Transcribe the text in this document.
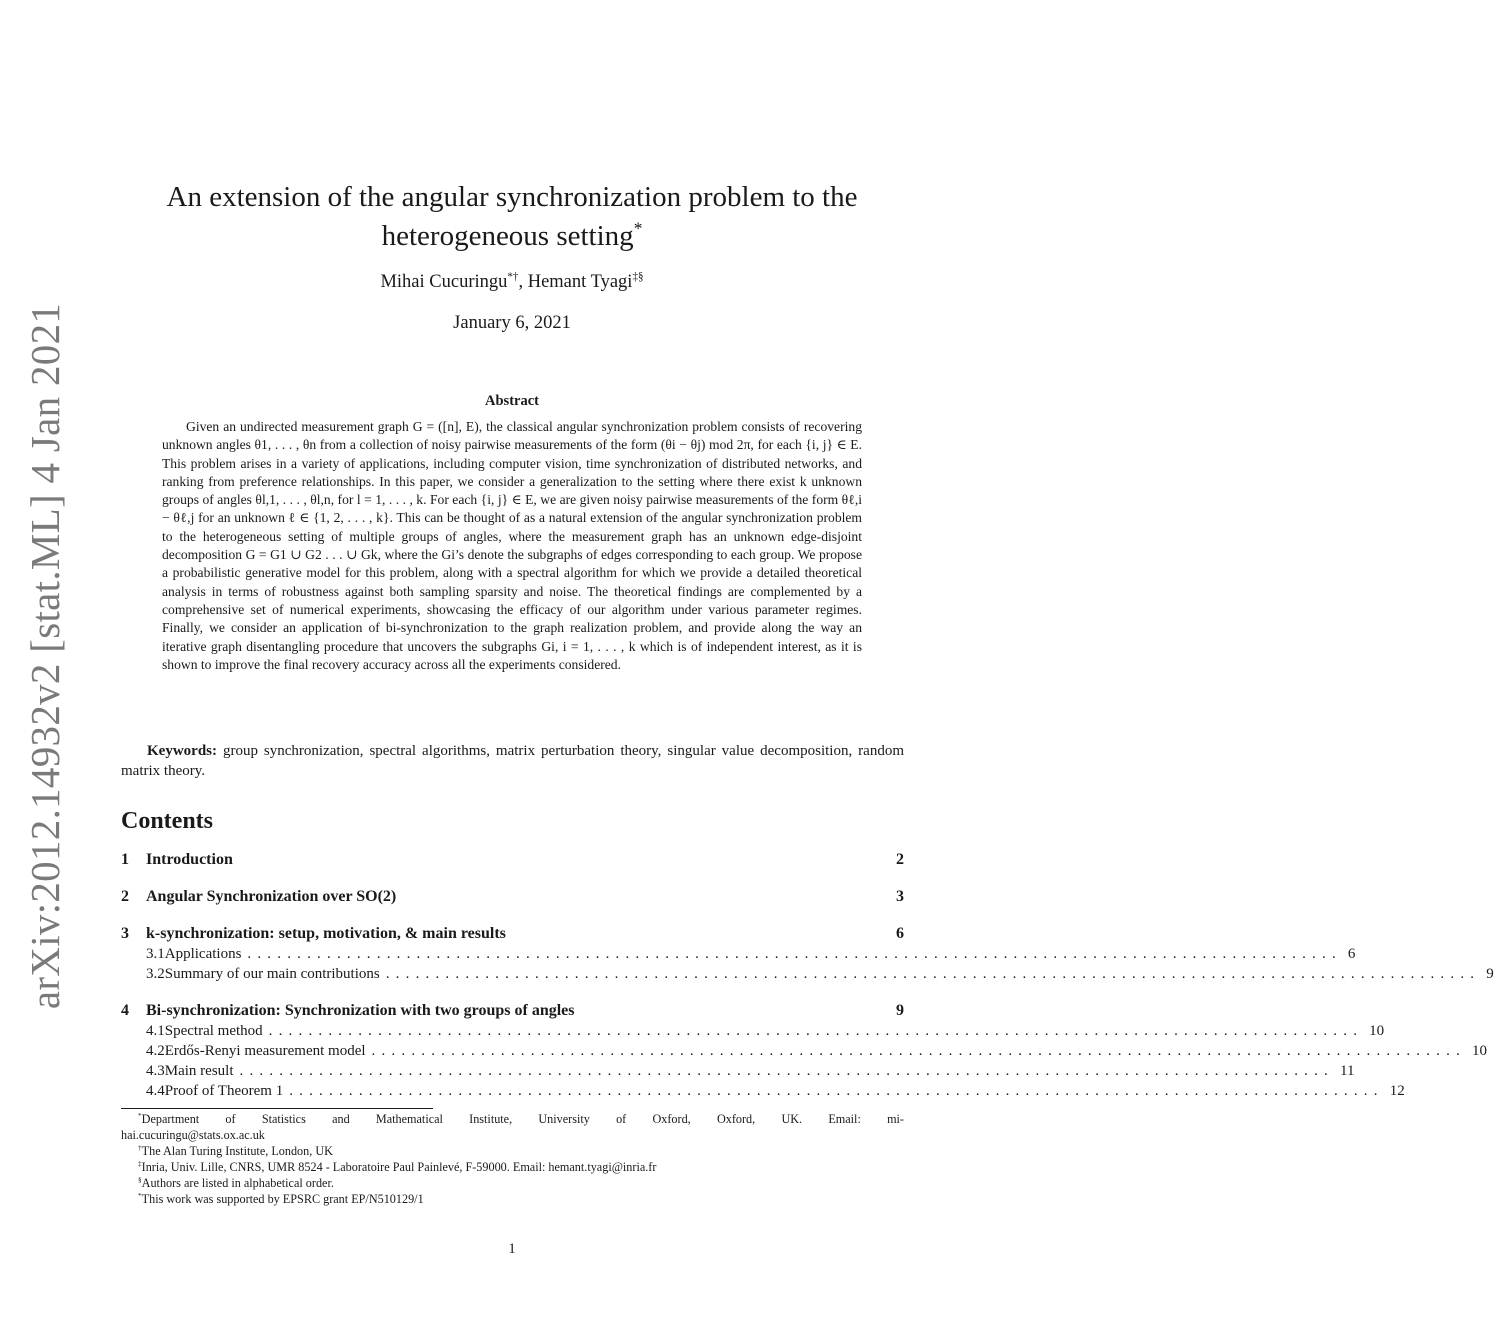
arXiv:2012.14932v2 [stat.ML] 4 Jan 2021
An extension of the angular synchronization problem to the
heterogeneous setting*
Mihai Cucuringu*†, Hemant Tyagi‡§
January 6, 2021
Abstract
Given an undirected measurement graph G = ([n], E), the classical angular synchronization problem consists of recovering unknown angles θ1, . . . , θn from a collection of noisy pairwise measurements of the form (θi − θj) mod 2π, for each {i, j} ∈ E. This problem arises in a variety of applications, including computer vision, time synchronization of distributed networks, and ranking from preference relationships. In this paper, we consider a generalization to the setting where there exist k unknown groups of angles θl,1, . . . , θl,n, for l = 1, . . . , k. For each {i, j} ∈ E, we are given noisy pairwise measurements of the form θℓ,i − θℓ,j for an unknown ℓ ∈ {1, 2, . . . , k}. This can be thought of as a natural extension of the angular synchronization problem to the heterogeneous setting of multiple groups of angles, where the measurement graph has an unknown edge-disjoint decomposition G = G1 ∪ G2 . . . ∪ Gk, where the Gi’s denote the subgraphs of edges corresponding to each group. We propose a probabilistic generative model for this problem, along with a spectral algorithm for which we provide a detailed theoretical analysis in terms of robustness against both sampling sparsity and noise. The theoretical findings are complemented by a comprehensive set of numerical experiments, showcasing the efficacy of our algorithm under various parameter regimes. Finally, we consider an application of bi-synchronization to the graph realization problem, and provide along the way an iterative graph disentangling procedure that uncovers the subgraphs Gi, i = 1, . . . , k which is of independent interest, as it is shown to improve the final recovery accuracy across all the experiments considered.
Keywords: group synchronization, spectral algorithms, matrix perturbation theory, singular value decomposition, random matrix theory.
Contents
1	Introduction	2
2	Angular Synchronization over SO(2)	3
3	k-synchronization: setup, motivation, & main results	6
3.1 Applications .............................................................................................................. 6
3.2 Summary of our main contributions .............................................................................................................. 9
4	Bi-synchronization: Synchronization with two groups of angles	9
4.1 Spectral method .............................................................................................................. 10
4.2 Erdős-Renyi measurement model .............................................................................................................. 10
4.3 Main result .............................................................................................................. 11
4.4 Proof of Theorem 1 .............................................................................................................. 12
*Department of Statistics and Mathematical Institute, University of Oxford, Oxford, UK. Email: mi-
hai.cucuringu@stats.ox.ac.uk
†The Alan Turing Institute, London, UK
‡Inria, Univ. Lille, CNRS, UMR 8524 - Laboratoire Paul Painlevé, F-59000. Email: hemant.tyagi@inria.fr
§Authors are listed in alphabetical order.
*This work was supported by EPSRC grant EP/N510129/1
1
